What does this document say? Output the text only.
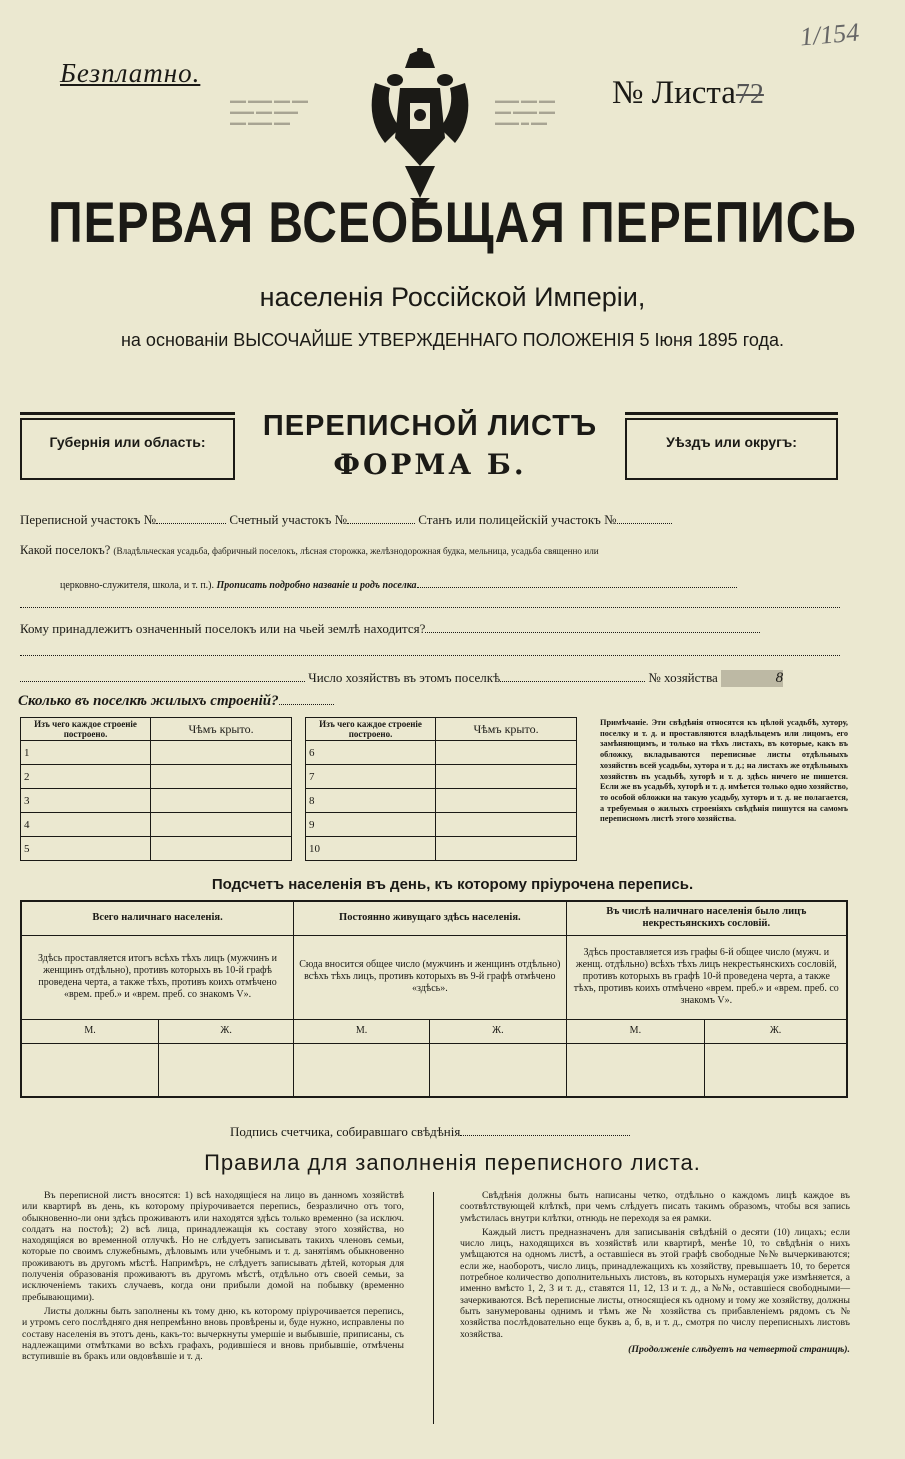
Безплатно.
▬▬ ▬▬▬ ▬▬ ▬▬
▬▬▬ ▬▬ ▬▬▬
▬▬ ▬▬▬ ▬▬
▬▬▬ ▬▬ ▬▬
▬▬ ▬▬▬ ▬▬
▬▬▬ ▬ ▬▬
№ Листа72
1/154
ПЕРВАЯ ВСЕОБЩАЯ ПЕРЕПИСЬ
населенія Россійской Имперіи,
на основаніи ВЫСОЧАЙШЕ УТВЕРЖДЕННАГО ПОЛОЖЕНІЯ 5 Іюня 1895 года.
Губернія или область:	Уѣздъ или округъ:
ПЕРЕПИСНОЙ ЛИСТЪ
ФОРМА Б.
Переписной участокъ №	Счетный участокъ №	Станъ или полицейскій участокъ №
Какой поселокъ? (Владѣльческая усадьба, фабричный поселокъ, лѣсная сторожка, желѣзнодорожная будка, мельница, усадьба священно или
церковно-служителя, школа, и т. п.). Прописать подробно названіе и родъ поселка
Кому принадлежитъ означенный поселокъ или на чьей землѣ находится?
Число хозяйствъ въ этомъ поселкѣ	№ хозяйства	8
Сколько въ поселкѣ жилыхъ строеній?
Изъ чего каждое строеніе построено.	Чѣмъ крыто.
1	
2	
3	
4	
5	
Изъ чего каждое строеніе построено.	Чѣмъ крыто.
6	
7	
8	
9	
10	
Примѣчаніе. Эти свѣдѣнія относятся къ цѣлой усадьбѣ, хутору, поселку и т. д. и проставляются владѣльцемъ или лицомъ, его замѣняющимъ, и только на тѣхъ листахъ, въ которые, какъ въ обложку, вкладываются переписные листы отдѣльныхъ хозяйствъ всей усадьбы, хутора и т. д.; на листахъ же отдѣльныхъ хозяйствъ въ усадьбѣ, хуторѣ и т. д. здѣсь ничего не пишется. Если же въ усадьбѣ, хуторѣ и т. д. имѣется только одно хозяйство, то особой обложки на такую усадьбу, хуторъ и т. д. не полагается, а требуемыя о жилыхъ строеніяхъ свѣдѣнія пишутся на самомъ переписномъ листѣ этого хозяйства.
Подсчетъ населенія въ день, къ которому пріурочена перепись.
Всего наличнаго населенія.		Постоянно живущаго здѣсь населенія.		Въ числѣ наличнаго населенія было лицъ некрестьянскихъ сословій.	
Здѣсь проставляется итогъ всѣхъ тѣхъ лицъ (мужчинъ и женщинъ отдѣльно), противъ которыхъ въ 10-й графѣ проведена черта, а также тѣхъ, противъ коихъ отмѣчено «врем. преб.» и «врем. преб. со знакомъ V».		Сюда вносится общее число (мужчинъ и женщинъ отдѣльно) всѣхъ тѣхъ лицъ, противъ которыхъ въ 9-й графѣ отмѣчено «здѣсь».		Здѣсь проставляется изъ графы 6-й общее число (мужч. и женщ. отдѣльно) всѣхъ тѣхъ лицъ некрестьянскихъ сословій, противъ которыхъ въ графѣ 10-й проведена черта, а также тѣхъ, противъ коихъ отмѣчено «врем. преб.» и «врем. преб. со знакомъ V».	
М.	Ж.	М.	Ж.	М.	Ж.

Подпись счетчика, собиравшаго свѣдѣнія
Правила для заполненія переписного листа.

Въ переписной листъ вносятся: 1) всѣ находящіеся на лицо въ данномъ хозяйствѣ или квартирѣ въ день, къ которому пріурочивается перепись, безразлично отъ того, обыкновенно-ли они здѣсь проживаютъ или находятся здѣсь только временно (за исключ. солдатъ на постоѣ); 2) всѣ лица, принадлежащія къ составу этого хозяйства, но находящіяся во временной отлучкѣ. Но не слѣдуетъ записывать такихъ членовъ семьи, которые по своимъ служебнымъ, дѣловымъ или учебнымъ и т. д. занятіямъ обыкновенно проживаютъ въ другомъ мѣстѣ. Напримѣръ, не слѣдуетъ записывать дѣтей, которыя для полученія образованія проживаютъ въ другомъ мѣстѣ, отдѣльно отъ своей семьи, за исключеніемъ такихъ случаевъ, когда они прибыли домой на побывку (временно пребывающими).

Листы должны быть заполнены къ тому дню, къ которому пріурочивается перепись, и утромъ сего послѣдняго дня непремѣнно вновь провѣрены и, буде нужно, исправлены по составу населенія въ этотъ день, какъ-то: вычеркнуты умершіе и выбывшіе, приписаны, съ надлежащими отмѣтками во всѣхъ графахъ, родившіеся и вновь прибывшіе, отмѣчены вступившіе въ бракъ или овдовѣвшіе и т. д.

Свѣдѣнія должны быть написаны четко, отдѣльно о каждомъ лицѣ каждое въ соотвѣтствующей клѣткѣ, при чемъ слѣдуетъ писать такимъ образомъ, чтобы вся запись умѣстилась внутри клѣтки, отнюдь не переходя за ея рамки.

Каждый листъ предназначенъ для записыванія свѣдѣній о десяти (10) лицахъ; если число лицъ, находящихся въ хозяйствѣ или квартирѣ, менѣе 10, то свѣдѣнія о нихъ умѣщаются на одномъ листѣ, а оставшіеся въ этой графѣ свободные №№ вычеркиваются; если же, наоборотъ, число лицъ, принадлежащихъ къ хозяйству, превышаетъ 10, то берется потребное количество дополнительныхъ листовъ, въ которыхъ нумерація уже измѣняется, а именно вмѣсто 1, 2, 3 и т. д., ставятся 11, 12, 13 и т. д., а №№, оставшіеся свободными—зачеркиваются. Всѣ переписные листы, относящіеся къ одному и тому же хозяйству, должны быть занумерованы однимъ и тѣмъ же № хозяйства съ прибавленіемъ рядомъ съ № хозяйства послѣдовательно еще буквъ а, б, в, и т. д., смотря по числу переписныхъ листовъ хозяйства.

(Продолженіе слѣдуетъ на четвертой страницѣ).
